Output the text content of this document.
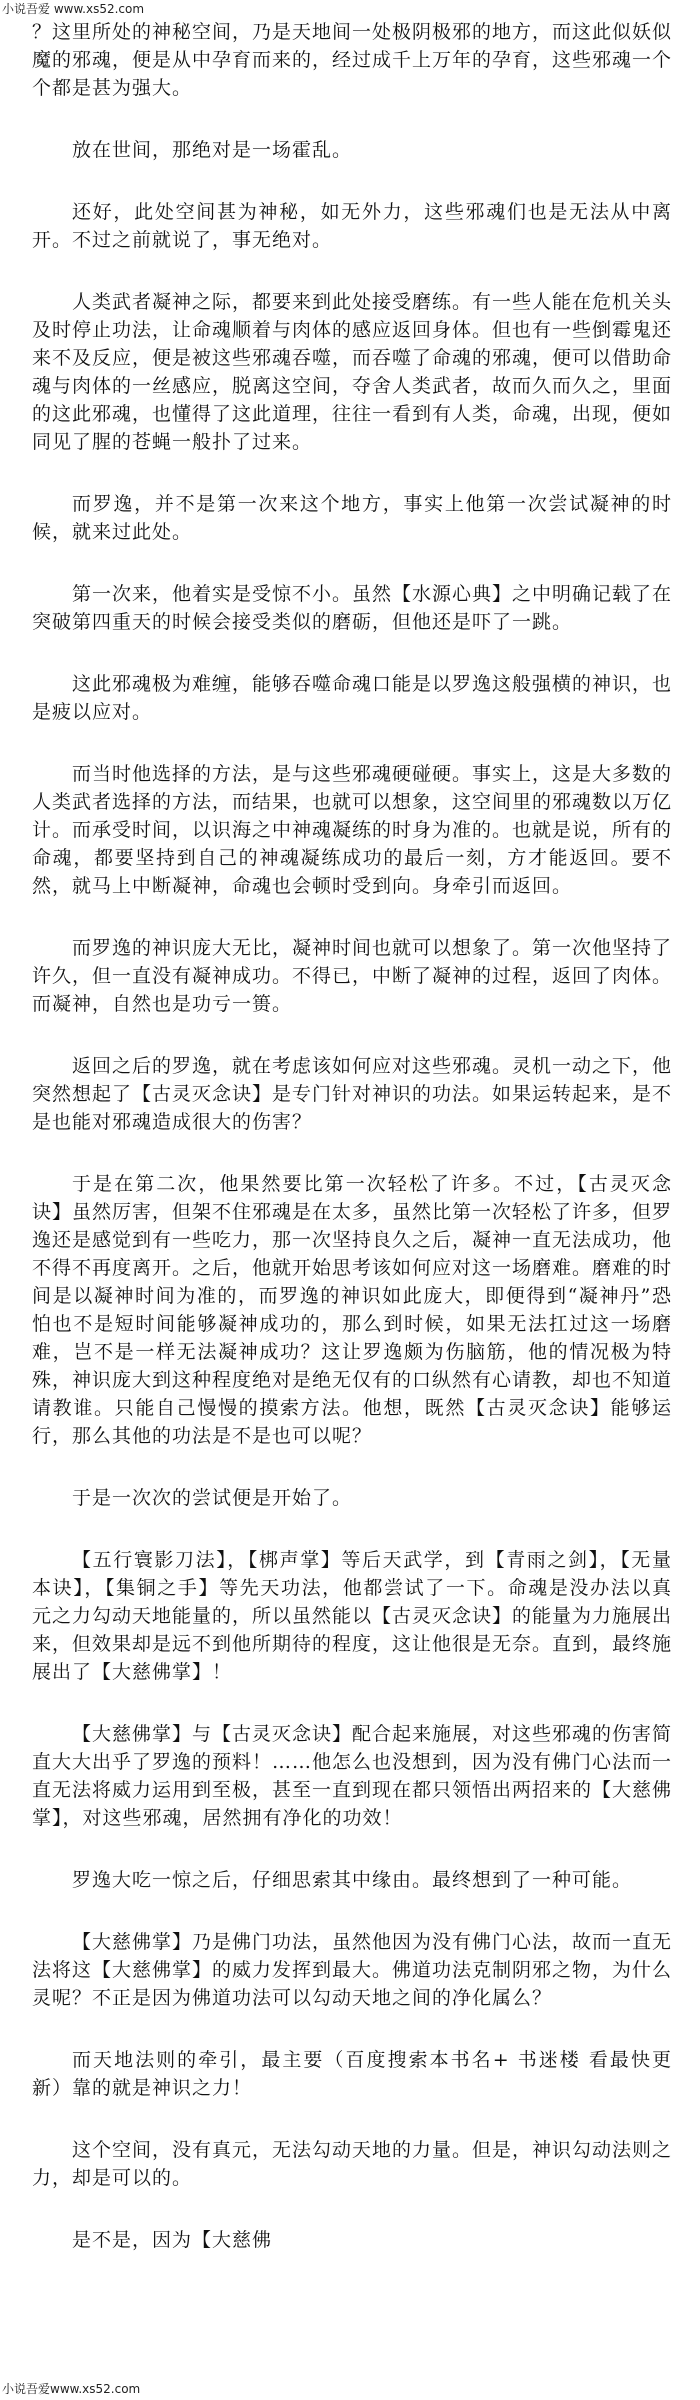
小说吾爱 www.xs52.com

？这里所处的神秘空间，乃是天地间一处极阴极邪的地方，而这此似妖似魔的邪魂，便是从中孕育而来的，经过成千上万年的孕育，这些邪魂一个个都是甚为强大。

放在世间，那绝对是一场霍乱。

还好，此处空间甚为神秘，如无外力，这些邪魂们也是无法从中离开。不过之前就说了，事无绝对。

人类武者凝神之际，都要来到此处接受磨练。有一些人能在危机关头及时停止功法，让命魂顺着与肉体的感应返回身体。但也有一些倒霉鬼还来不及反应，便是被这些邪魂吞噬，而吞噬了命魂的邪魂，便可以借助命魂与肉体的一丝感应，脱离这空间，夺舍人类武者，故而久而久之，里面的这此邪魂，也懂得了这此道理，往往一看到有人类，命魂，出现，便如同见了腥的苍蝇一般扑了过来。

而罗逸，并不是第一次来这个地方，事实上他第一次尝试凝神的时候，就来过此处。

第一次来，他着实是受惊不小。虽然【水源心典】之中明确记载了在突破第四重天的时候会接受类似的磨砺，但他还是吓了一跳。

这此邪魂极为难缠，能够吞噬命魂口能是以罗逸这般强横的神识，也是疲以应对。

而当时他选择的方法，是与这些邪魂硬碰硬。事实上，这是大多数的人类武者选择的方法，而结果，也就可以想象，这空间里的邪魂数以万亿计。而承受时间，以识海之中神魂凝练的时身为准的。也就是说，所有的命魂，都要坚持到自己的神魂凝练成功的最后一刻，方才能返回。要不然，就马上中断凝神，命魂也会顿时受到向。身牵引而返回。

而罗逸的神识庞大无比，凝神时间也就可以想象了。第一次他坚持了许久，但一直没有凝神成功。不得已，中断了凝神的过程，返回了肉体。而凝神，自然也是功亏一篑。

返回之后的罗逸，就在考虑该如何应对这些邪魂。灵机一动之下，他突然想起了【古灵灭念诀】是专门针对神识的功法。如果运转起来，是不是也能对邪魂造成很大的伤害？

于是在第二次，他果然要比第一次轻松了许多。不过，【古灵灭念诀】虽然厉害，但架不住邪魂是在太多，虽然比第一次轻松了许多，但罗逸还是感觉到有一些吃力，那一次坚持良久之后，凝神一直无法成功，他不得不再度离开。之后，他就开始思考该如何应对这一场磨难。磨难的时间是以凝神时间为准的，而罗逸的神识如此庞大，即便得到“凝神丹”恐怕也不是短时间能够凝神成功的，那么到时候，如果无法扛过这一场磨难，岂不是一样无法凝神成功？这让罗逸颇为伤脑筋，他的情况极为特殊，神识庞大到这种程度绝对是绝无仅有的口纵然有心请教，却也不知道请教谁。只能自己慢慢的摸索方法。他想，既然【古灵灭念诀】能够运行，那么其他的功法是不是也可以呢？

于是一次次的尝试便是开始了。

【五行寰影刀法】，【梆声掌】等后天武学，到【青雨之剑】，【无量本诀】，【集铜之手】等先天功法，他都尝试了一下。命魂是没办法以真元之力勾动天地能量的，所以虽然能以【古灵灭念诀】的能量为力施展出来，但效果却是远不到他所期待的程度，这让他很是无奈。直到，最终施展出了【大慈佛掌】！

【大慈佛掌】与【古灵灭念诀】配合起来施展，对这些邪魂的伤害简直大大出乎了罗逸的预料！……他怎么也没想到，因为没有佛门心法而一直无法将威力运用到至极，甚至一直到现在都只领悟出两招来的【大慈佛掌】，对这些邪魂，居然拥有净化的功效！

罗逸大吃一惊之后，仔细思索其中缘由。最终想到了一种可能。

【大慈佛掌】乃是佛门功法，虽然他因为没有佛门心法，故而一直无法将这【大慈佛掌】的威力发挥到最大。佛道功法克制阴邪之物，为什么灵呢？不正是因为佛道功法可以勾动天地之间的净化属么？

而天地法则的牵引，最主要（百度搜索本书名+ 书迷楼 看最快更新）靠的就是神识之力！

这个空间，没有真元，无法勾动天地的力量。但是，神识勾动法则之力，却是可以的。

是不是，因为【大慈佛

小说吾爱www.xs52.com
